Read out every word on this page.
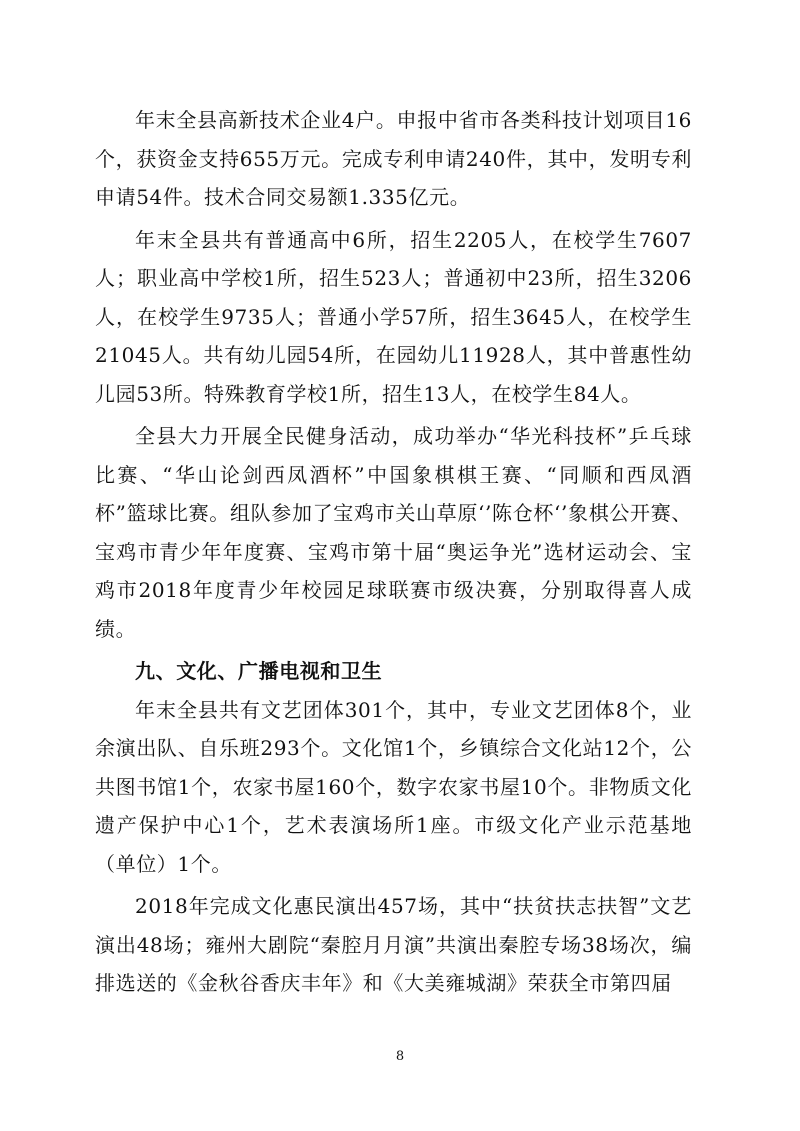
年末全县高新技术企业4户。申报中省市各类科技计划项目16个，获资金支持655万元。完成专利申请240件，其中，发明专利申请54件。技术合同交易额1.335亿元。

年末全县共有普通高中6所，招生2205人，在校学生7607人；职业高中学校1所，招生523人；普通初中23所，招生3206人，在校学生9735人；普通小学57所，招生3645人，在校学生21045人。共有幼儿园54所，在园幼儿11928人，其中普惠性幼儿园53所。特殊教育学校1所，招生13人，在校学生84人。

全县大力开展全民健身活动，成功举办“华光科技杯”乒乓球比赛、“华山论剑西凤酒杯”中国象棋棋王赛、“同顺和西凤酒杯”篮球比赛。组队参加了宝鸡市关山草原‘’陈仓杯‘’象棋公开赛、宝鸡市青少年年度赛、宝鸡市第十届“奥运争光”选材运动会、宝鸡市2018年度青少年校园足球联赛市级决赛，分别取得喜人成绩。

九、文化、广播电视和卫生

年末全县共有文艺团体301个，其中，专业文艺团体8个，业余演出队、自乐班293个。文化馆1个，乡镇综合文化站12个，公共图书馆1个，农家书屋160个，数字农家书屋10个。非物质文化遗产保护中心1个，艺术表演场所1座。市级文化产业示范基地（单位）1个。

2018年完成文化惠民演出457场，其中“扶贫扶志扶智”文艺演出48场；雍州大剧院“秦腔月月演”共演出秦腔专场38场次，编排选送的《金秋谷香庆丰年》和《大美雍城湖》荣获全市第四届

8
